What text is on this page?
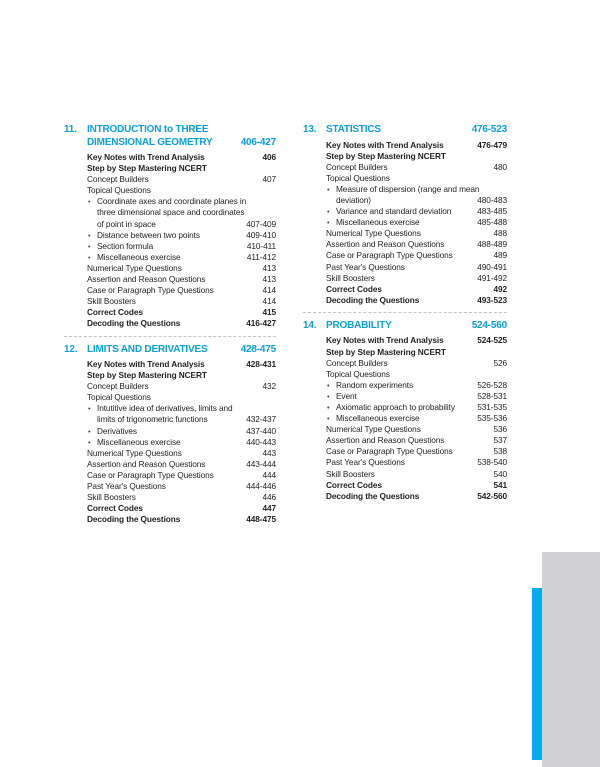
11.	INTRODUCTION to THREE
DIMENSIONAL GEOMETRY	406-427
Key Notes with Trend Analysis	406
Step by Step Mastering NCERT
Concept Builders	407
Topical Questions
• Coordinate axes and coordinate planes in three dimensional space and coordinates of point in space	407-409
• Distance between two points	409-410
• Section formula	410-411
• Miscellaneous exercise	411-412
Numerical Type Questions	413
Assertion and Reason Questions	413
Case or Paragraph Type Questions	414
Skill Boosters	414
Correct Codes	415
Decoding the Questions	416-427
12. LIMITS AND DERIVATIVES	428-475
Key Notes with Trend Analysis	428-431
Step by Step Mastering NCERT
Concept Builders	432
Topical Questions
• Intutitive idea of derivatives, limits and limits of trigonometric functions	432-437
• Derivatives	437-440
• Miscellaneous exercise	440-443
Numerical Type Questions	443
Assertion and Reason Questions	443-444
Case or Paragraph Type Questions	444
Past Year's Questions	444-446
Skill Boosters	446
Correct Codes	447
Decoding the Questions	448-475
13. STATISTICS	476-523
Key Notes with Trend Analysis	476-479
Step by Step Mastering NCERT
Concept Builders	480
Topical Questions
• Measure of dispersion (range and mean deviation)	480-483
• Variance and standard deviation	483-485
• Miscellaneous exercise	485-488
Numerical Type Questions	488
Assertion and Reason Questions	488-489
Case or Paragraph Type Questions	489
Past Year's Questions	490-491
Skill Boosters	491-492
Correct Codes	492
Decoding the Questions	493-523
14. PROBABILITY	524-560
Key Notes with Trend Analysis	524-525
Step by Step Mastering NCERT
Concept Builders	526
Topical Questions
• Random experiments	526-528
• Event	528-531
• Axiomatic approach to probability	531-535
• Miscellaneous exercise	535-536
Numerical Type Questions	536
Assertion and Reason Questions	537
Case or Paragraph Type Questions	538
Past Year's Questions	538-540
Skill Boosters	540
Correct Codes	541
Decoding the Questions	542-560
